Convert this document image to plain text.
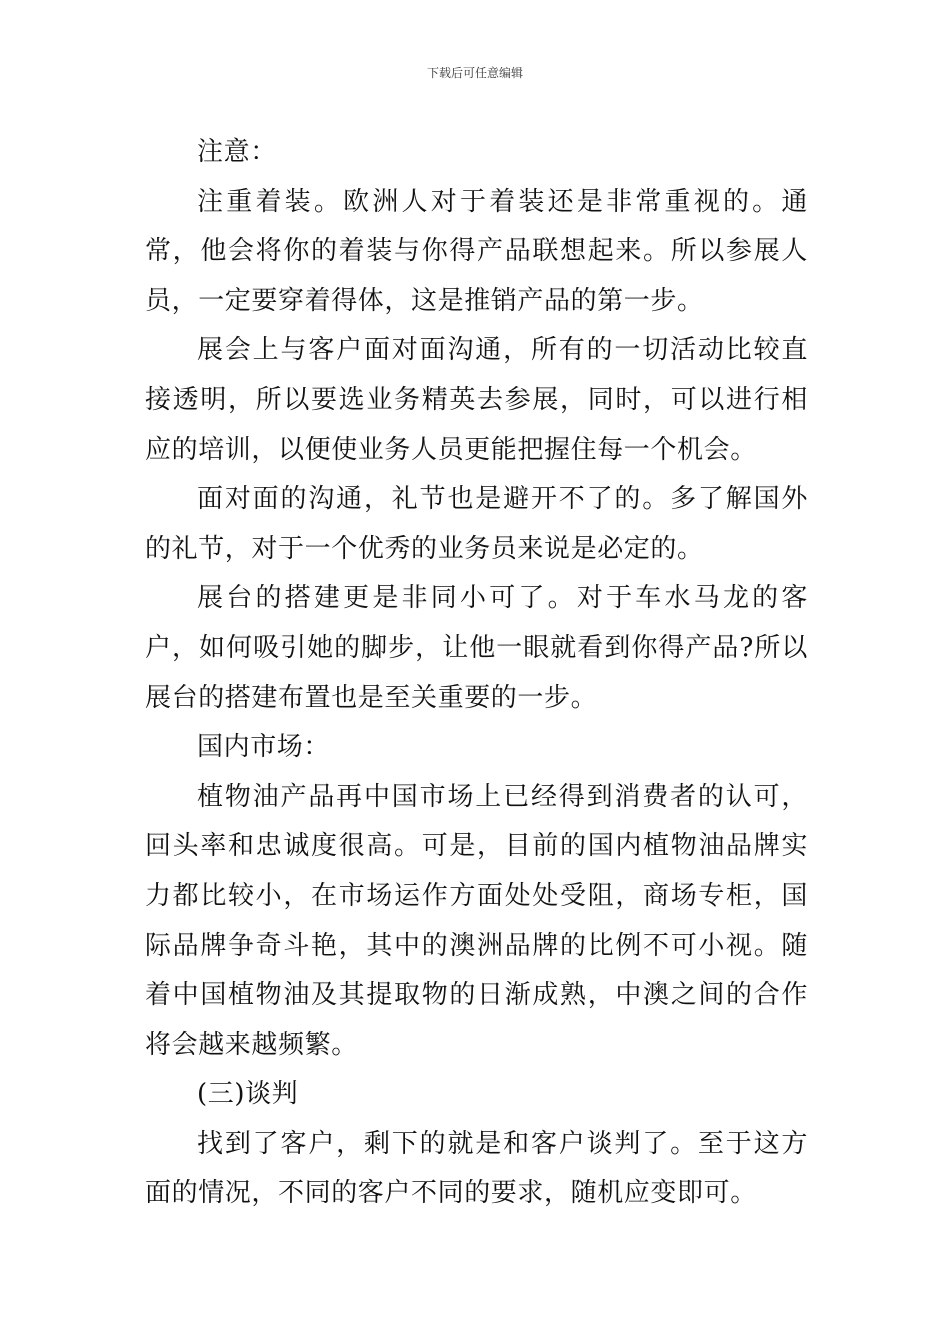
下载后可任意编辑

注意：

注重着装。欧洲人对于着装还是非常重视的。通常，他会将你的着装与你得产品联想起来。所以参展人员，一定要穿着得体，这是推销产品的第一步。

展会上与客户面对面沟通，所有的一切活动比较直接透明，所以要选业务精英去参展，同时，可以进行相应的培训，以便使业务人员更能把握住每一个机会。

面对面的沟通，礼节也是避开不了的。多了解国外的礼节，对于一个优秀的业务员来说是必定的。

展台的搭建更是非同小可了。对于车水马龙的客户，如何吸引她的脚步，让他一眼就看到你得产品?所以展台的搭建布置也是至关重要的一步。

国内市场：

植物油产品再中国市场上已经得到消费者的认可，回头率和忠诚度很高。可是，目前的国内植物油品牌实力都比较小，在市场运作方面处处受阻，商场专柜，国际品牌争奇斗艳，其中的澳洲品牌的比例不可小视。随着中国植物油及其提取物的日渐成熟，中澳之间的合作将会越来越频繁。

(三)谈判

找到了客户，剩下的就是和客户谈判了。至于这方面的情况，不同的客户不同的要求，随机应变即可。
